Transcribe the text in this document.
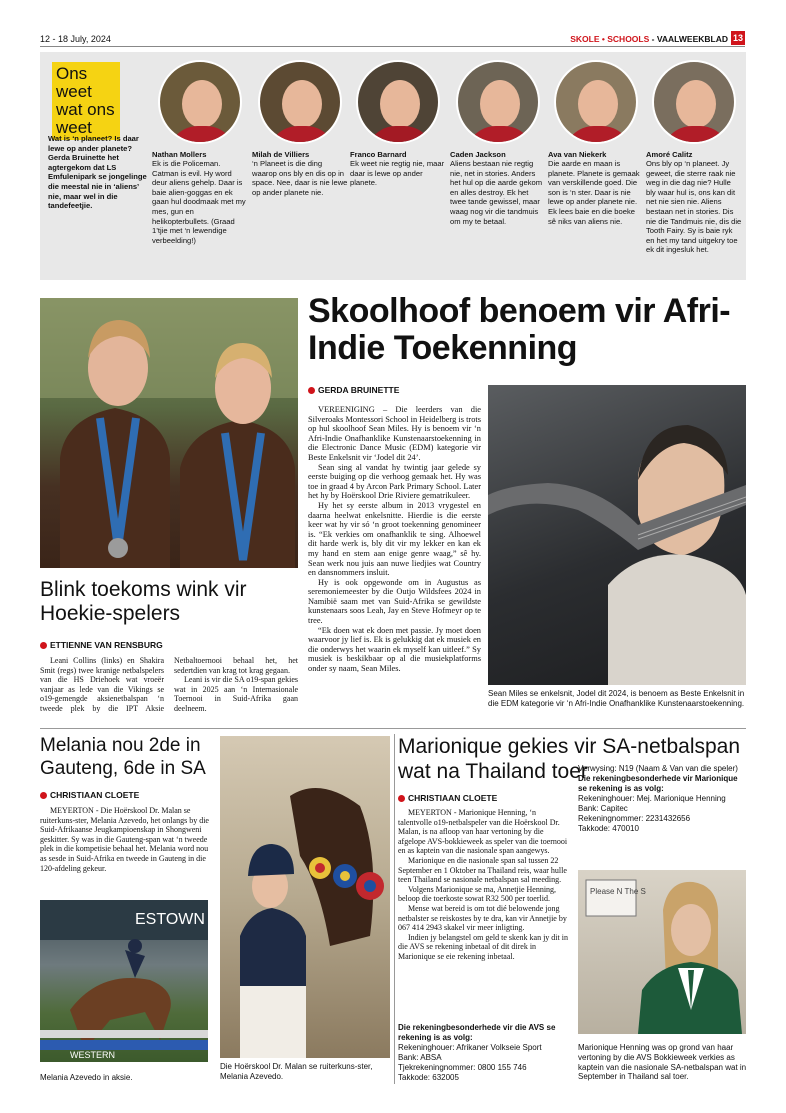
12 - 18 July, 2024	SKOLE • SCHOOLS - VAALWEEKBLAD 13
Ons weet wat ons weet
Wat is ‘n planeet? Is daar lewe op ander planete? Gerda Bruinette het agtergekom dat LS Emfulenipark se jongelinge die meestal nie in ‘aliens’ nie, maar wel in die tandefeetjie.
Nathan Mollers
Ek is die Policeman. Catman is evil. Hy word deur aliens gehelp. Daar is baie alien-goggas en ek gaan hul doodmaak met my mes, gun en helikopterbullets. (Graad 1’tjie met ‘n lewendige verbeelding!)
Milah de Villiers
‘n Planeet is die ding waarop ons bly en dis op in space. Nee, daar is nie lewe op ander planete nie.
Franco Barnard
Ek weet nie regtig nie, maar daar is lewe op ander planete.
Caden Jackson
Aliens bestaan nie regtig nie, net in stories. Anders het hul op die aarde gekom en alles destroy. Ek het twee tande gewissel, maar waag nog vir die tandmuis om my te betaal.
Ava van Niekerk
Die aarde en maan is planete. Planete is gemaak van verskillende goed. Die son is ‘n ster. Daar is nie lewe op ander planete nie. Ek lees baie en die boeke sê niks van aliens nie.
Amoré Calitz
Ons bly op ‘n planeet. Jy geweet, die sterre raak nie weg in die dag nie? Hulle bly waar hul is, ons kan dit net nie sien nie. Aliens bestaan net in stories. Dis nie die Tandmuis nie, dis die Tooth Fairy. Sy is baie ryk en het my tand uitgekry toe ek dit ingesluk het.
Skoolhoof benoem vir Afri-Indie Toekenning
GERDA BRUINETTE

VEREENIGING – Die leerders van die Silveroaks Montessori School in Heidelberg is trots op hul skoolhoof Sean Miles. Hy is benoem vir ‘n Afri-Indie Onafhanklike Kunstenaarstoekenning in die Electronic Dance Music (EDM) kategorie vir Beste Enkelsnit vir ‘Jodel dit 24’.

Sean sing al vandat hy twintig jaar gelede sy eerste buiging op die verhoog gemaak het. Hy was toe in graad 4 by Arcon Park Primary School. Later het hy by Hoërskool Drie Riviere gematrikuleer.

Hy het sy eerste album in 2013 vrygestel en daarna heelwat enkelsnitte. Hierdie is die eerste keer wat hy vir só ‘n groot toekenning genomineer is. “Ek verkies om onafhanklik te sing. Alhoewel dit harde werk is, bly dit vir my lekker en kan ek my hand en stem aan enige genre waag,” sê hy. Sean werk nou juis aan nuwe liedjies wat Country en dansnommers insluit.

Hy is ook opgewonde om in Augustus as seremoniemeester by die Outjo Wildsfees 2024 in Namibië saam met van Suid-Afrika se gewildste kunstenaars soos Leah, Jay en Steve Hofmeyr op te tree.

“Ek doen wat ek doen met passie. Jy moet doen waarvoor jy lief is. Ek is gelukkig dat ek musiek en die onderwys het waarin ek myself kan uitleef.” Sy musiek is beskikbaar op al die musiekplatforms onder sy naam, Sean Miles.

Sean Miles se enkelsnit, Jodel dit 2024, is benoem as Beste Enkelsnit in die EDM kategorie vir ‘n Afri-Indie Onafhanklike Kunstenaarstoekenning.
Blink toekoms wink vir Hoekie-spelers
ETTIENNE VAN RENSBURG

Leani Collins (links) en Shakira Smit (regs) twee kranige netbalspelers van die HS Driehoek wat vroeër vanjaar as lede van die Vikings se o19-gemengde aksienetbalspan ‘n tweede plek by die IPT Aksie Netbaltoernooi behaal het, het sedertdien van krag tot krag gegaan.

Leani is vir die SA o19-span gekies wat in 2025 aan ‘n Internasionale Toernooi in Suid-Afrika gaan deelneem.

Melania nou 2de in Gauteng, 6de in SA
CHRISTIAAN CLOETE

MEYERTON - Die Hoërskool Dr. Malan se ruiterkuns-ster, Melania Azevedo, het onlangs by die Suid-Afrikaanse Jeugkampioenskap in Shongweni geskitter. Sy was in die Gauteng-span wat ‘n tweede plek in die kompetisie behaal het. Melania word nou as sesde in Suid-Afrika en tweede in Gauteng in die 120-afdeling gekeur.

ESTOWN
WESTERN
Melania Azevedo in aksie.
Die Hoërskool Dr. Malan se ruiterkuns-ster, Melania Azevedo.
Marionique gekies vir SA-netbalspan wat na Thailand toer
CHRISTIAAN CLOETE

MEYERTON - Marionique Henning, ‘n talentvolle o19-netbalspeler van die Hoërskool Dr. Malan, is na afloop van haar vertoning by die afgelope AVS-bokkieweek as speler van die toernooi en as kaptein van die nasionale span aangewys.

Marionique en die nasionale span sal tussen 22 September en 1 Oktober na Thailand reis, waar hulle teen Thailand se nasionale netbalspan sal meeding.

Volgens Marionique se ma, Annetjie Henning, beloop die toerkoste sowat R32 500 per toerlid.

Mense wat bereid is om tot dié belowende jong netbalster se reiskostes by te dra, kan vir Annetjie by 067 414 2943 skakel vir meer inligting.

Indien jy belangstel om geld te skenk kan jy dit in die AVS se rekening inbetaal of dit direk in Marionique se eie rekening inbetaal.

Die rekeningbesonderhede vir die AVS se rekening is as volg:
Rekeninghouer: Afrikaner Volkseie Sport
Bank: ABSA
Tjekrekeningnommer: 0800 155 746
Takkode: 632005
Verwysing: N19 (Naam & Van van die speler)
Die rekeningbesonderhede vir Marionique se rekening is as volg:
Rekeninghouer: Mej. Marionique Henning
Bank: Capitec
Rekeningnommer: 2231432656
Takkode: 470010
Please N The S
Marionique Henning was op grond van haar vertoning by die AVS Bokkieweek verkies as kaptein van die nasionale SA-netbalspan wat in September in Thailand sal toer.
